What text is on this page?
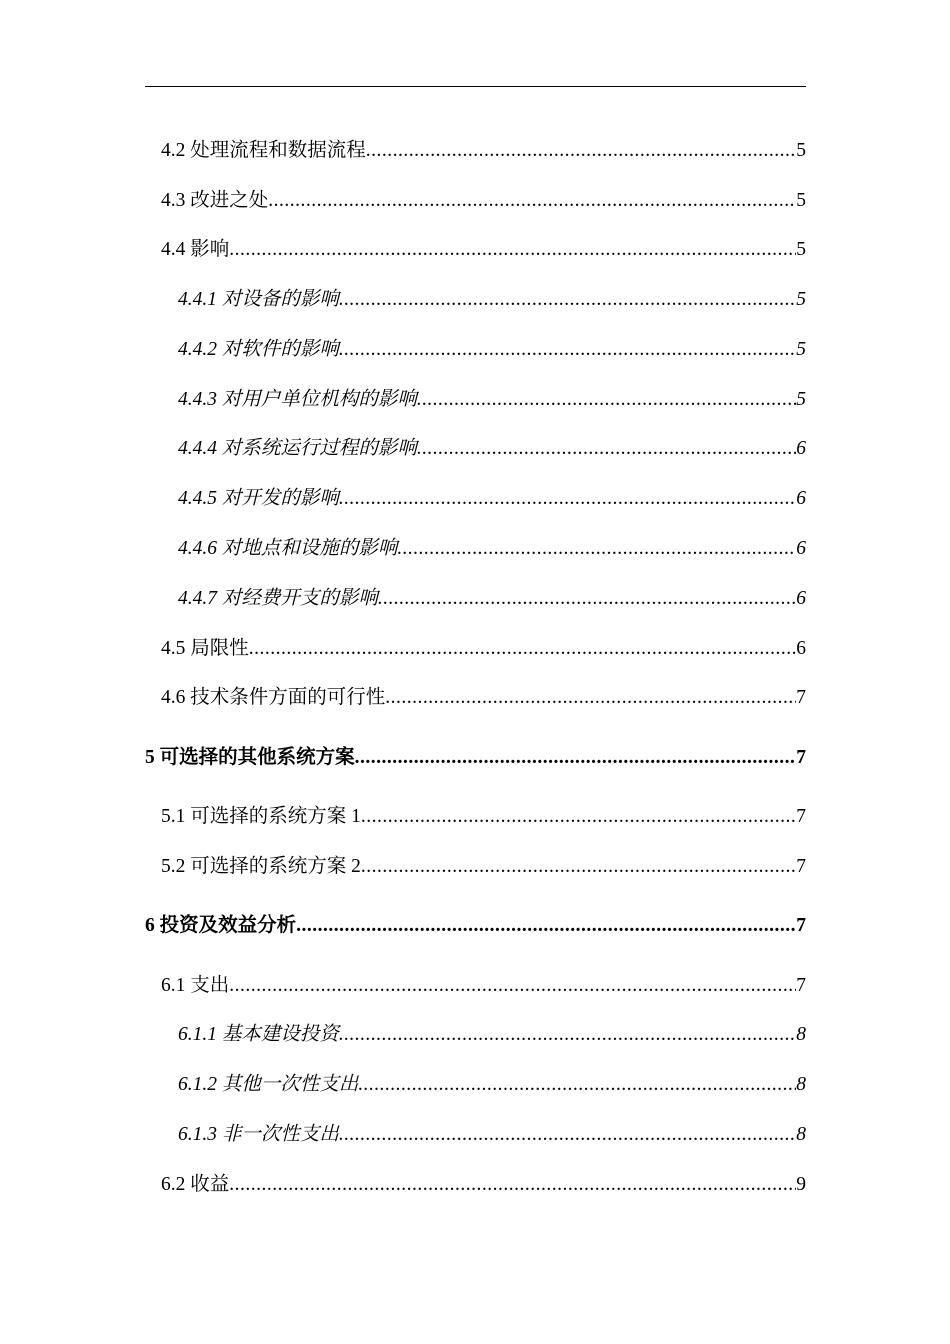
4.2 处理流程和数据流程 .....	5
4.3 改进之处 .....	5
4.4 影响 .....	5
4.4.1 对设备的影响 .....	5
4.4.2 对软件的影响 .....	5
4.4.3 对用户单位机构的影响 .....	5
4.4.4 对系统运行过程的影响 .....	6
4.4.5 对开发的影响 .....	6
4.4.6 对地点和设施的影响 .....	6
4.4.7 对经费开支的影响 .....	6
4.5 局限性 .....	6
4.6 技术条件方面的可行性 .....	7
5 可选择的其他系统方案 .....	7
5.1 可选择的系统方案 1 .....	7
5.2 可选择的系统方案 2 .....	7
6 投资及效益分析 .....	7
6.1 支出 .....	7
6.1.1 基本建设投资 .....	8
6.1.2 其他一次性支出 .....	8
6.1.3 非一次性支出 .....	8
6.2 收益 .....	9
